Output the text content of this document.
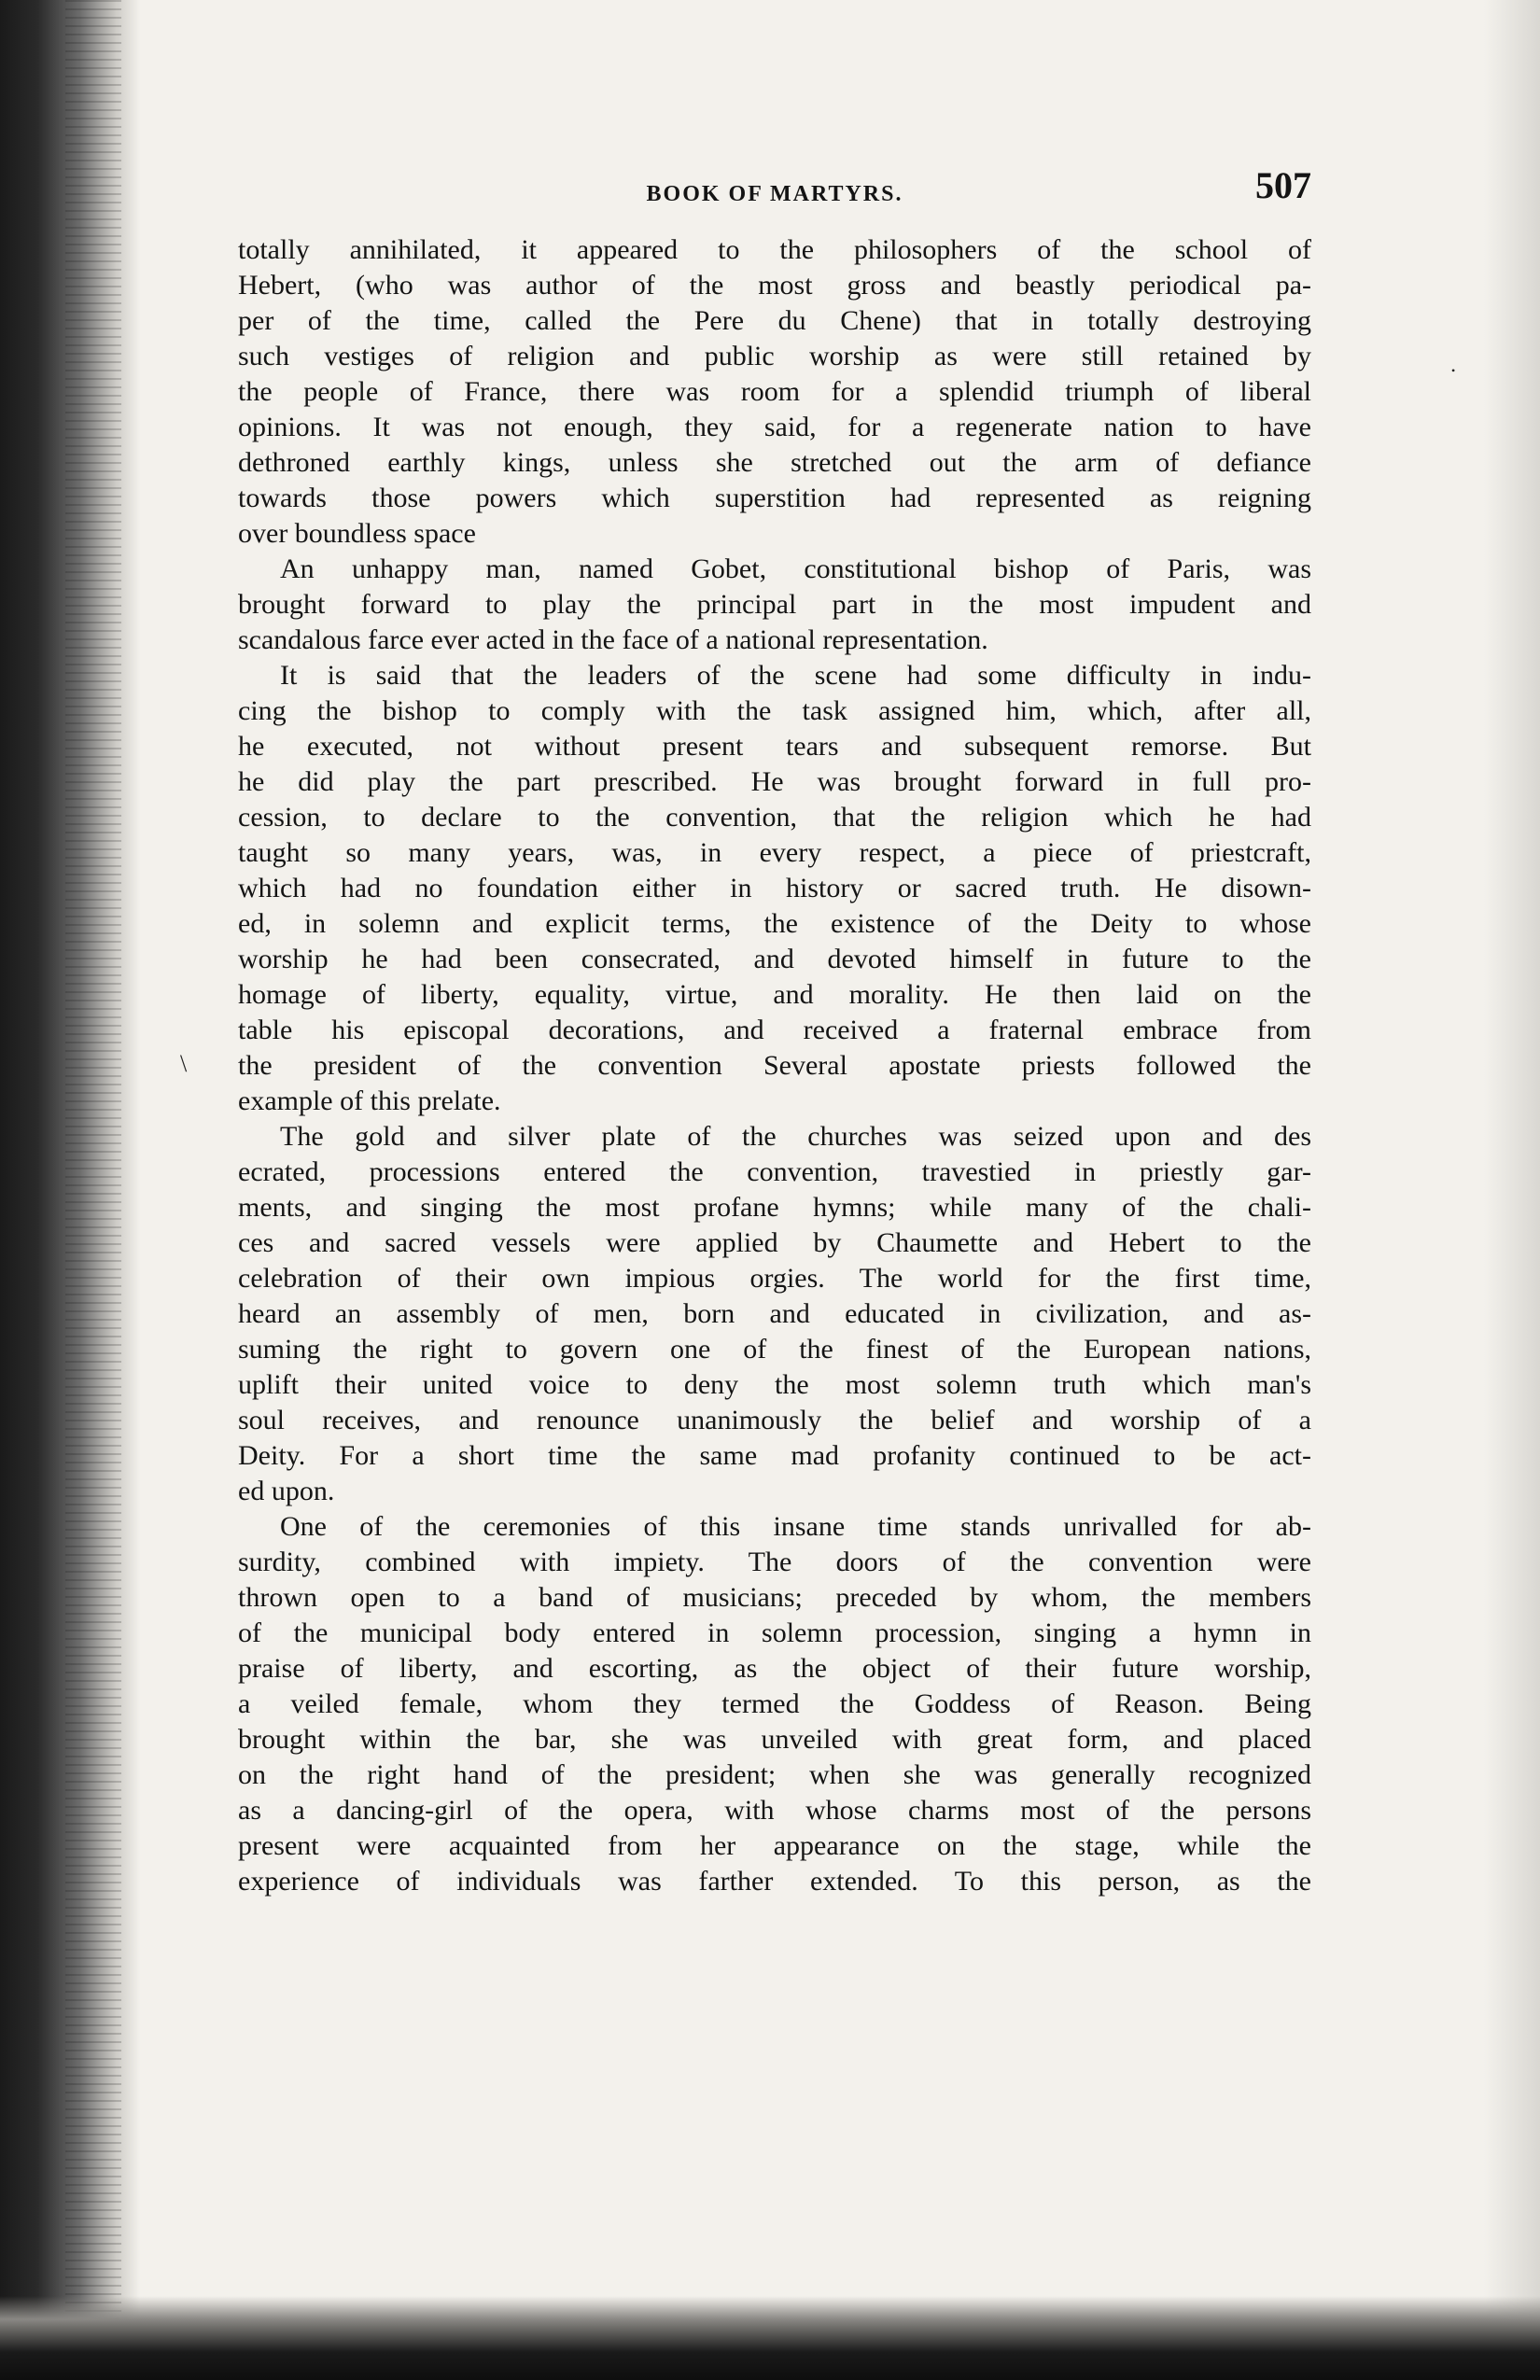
\
•
BOOK OF MARTYRS.	507
totally annihilated, it appeared to the philosophers of the school of
Hebert, (who was author of the most gross and beastly periodical pa-
per of the time, called the Pere du Chene) that in totally destroying
such vestiges of religion and public worship as were still retained by
the people of France, there was room for a splendid triumph of liberal
opinions. It was not enough, they said, for a regenerate nation to have
dethroned earthly kings, unless she stretched out the arm of defiance
towards those powers which superstition had represented as reigning
over boundless space
An unhappy man, named Gobet, constitutional bishop of Paris, was
brought forward to play the principal part in the most impudent and
scandalous farce ever acted in the face of a national representation.
It is said that the leaders of the scene had some difficulty in indu-
cing the bishop to comply with the task assigned him, which, after all,
he executed, not without present tears and subsequent remorse. But
he did play the part prescribed. He was brought forward in full pro-
cession, to declare to the convention, that the religion which he had
taught so many years, was, in every respect, a piece of priestcraft,
which had no foundation either in history or sacred truth. He disown-
ed, in solemn and explicit terms, the existence of the Deity to whose
worship he had been consecrated, and devoted himself in future to the
homage of liberty, equality, virtue, and morality. He then laid on the
table his episcopal decorations, and received a fraternal embrace from
the president of the convention Several apostate priests followed the
example of this prelate.
The gold and silver plate of the churches was seized upon and des
ecrated, processions entered the convention, travestied in priestly gar-
ments, and singing the most profane hymns; while many of the chali-
ces and sacred vessels were applied by Chaumette and Hebert to the
celebration of their own impious orgies. The world for the first time,
heard an assembly of men, born and educated in civilization, and as-
suming the right to govern one of the finest of the European nations,
uplift their united voice to deny the most solemn truth which man's
soul receives, and renounce unanimously the belief and worship of a
Deity. For a short time the same mad profanity continued to be act-
ed upon.
One of the ceremonies of this insane time stands unrivalled for ab-
surdity, combined with impiety. The doors of the convention were
thrown open to a band of musicians; preceded by whom, the members
of the municipal body entered in solemn procession, singing a hymn in
praise of liberty, and escorting, as the object of their future worship,
a veiled female, whom they termed the Goddess of Reason. Being
brought within the bar, she was unveiled with great form, and placed
on the right hand of the president; when she was generally recognized
as a dancing-girl of the opera, with whose charms most of the persons
present were acquainted from her appearance on the stage, while the
experience of individuals was farther extended. To this person, as the
